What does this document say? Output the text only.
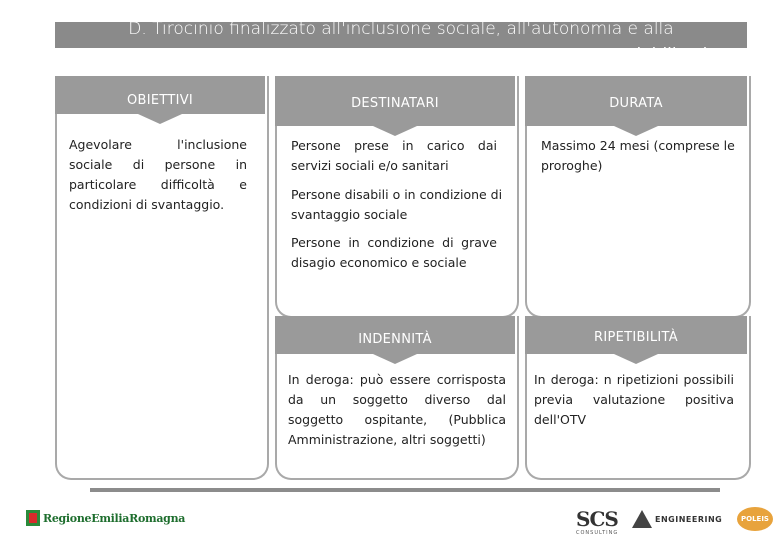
D. Tirocinio finalizzato all'inclusione sociale, all'autonomia e alla
riabilitazione
OBIETTIVI
Agevolare l'inclusione sociale di persone in particolare difficoltà e condizioni di svantaggio.
DESTINATARI
Persone prese in carico dai servizi sociali e/o sanitari
Persone disabili o in condizione di svantaggio sociale
Persone in condizione di grave disagio economico e sociale
DURATA
Massimo 24 mesi (comprese le proroghe)
INDENNITÀ
In deroga: può essere corrisposta da un soggetto diverso dal soggetto ospitante, (Pubblica Amministrazione, altri soggetti)
RIPETIBILITÀ
In deroga: n ripetizioni possibili previa valutazione positiva dell'OTV
RegioneEmiliaRomagna	SCS
CONSULTING
ENGINEERING	POLEIS
